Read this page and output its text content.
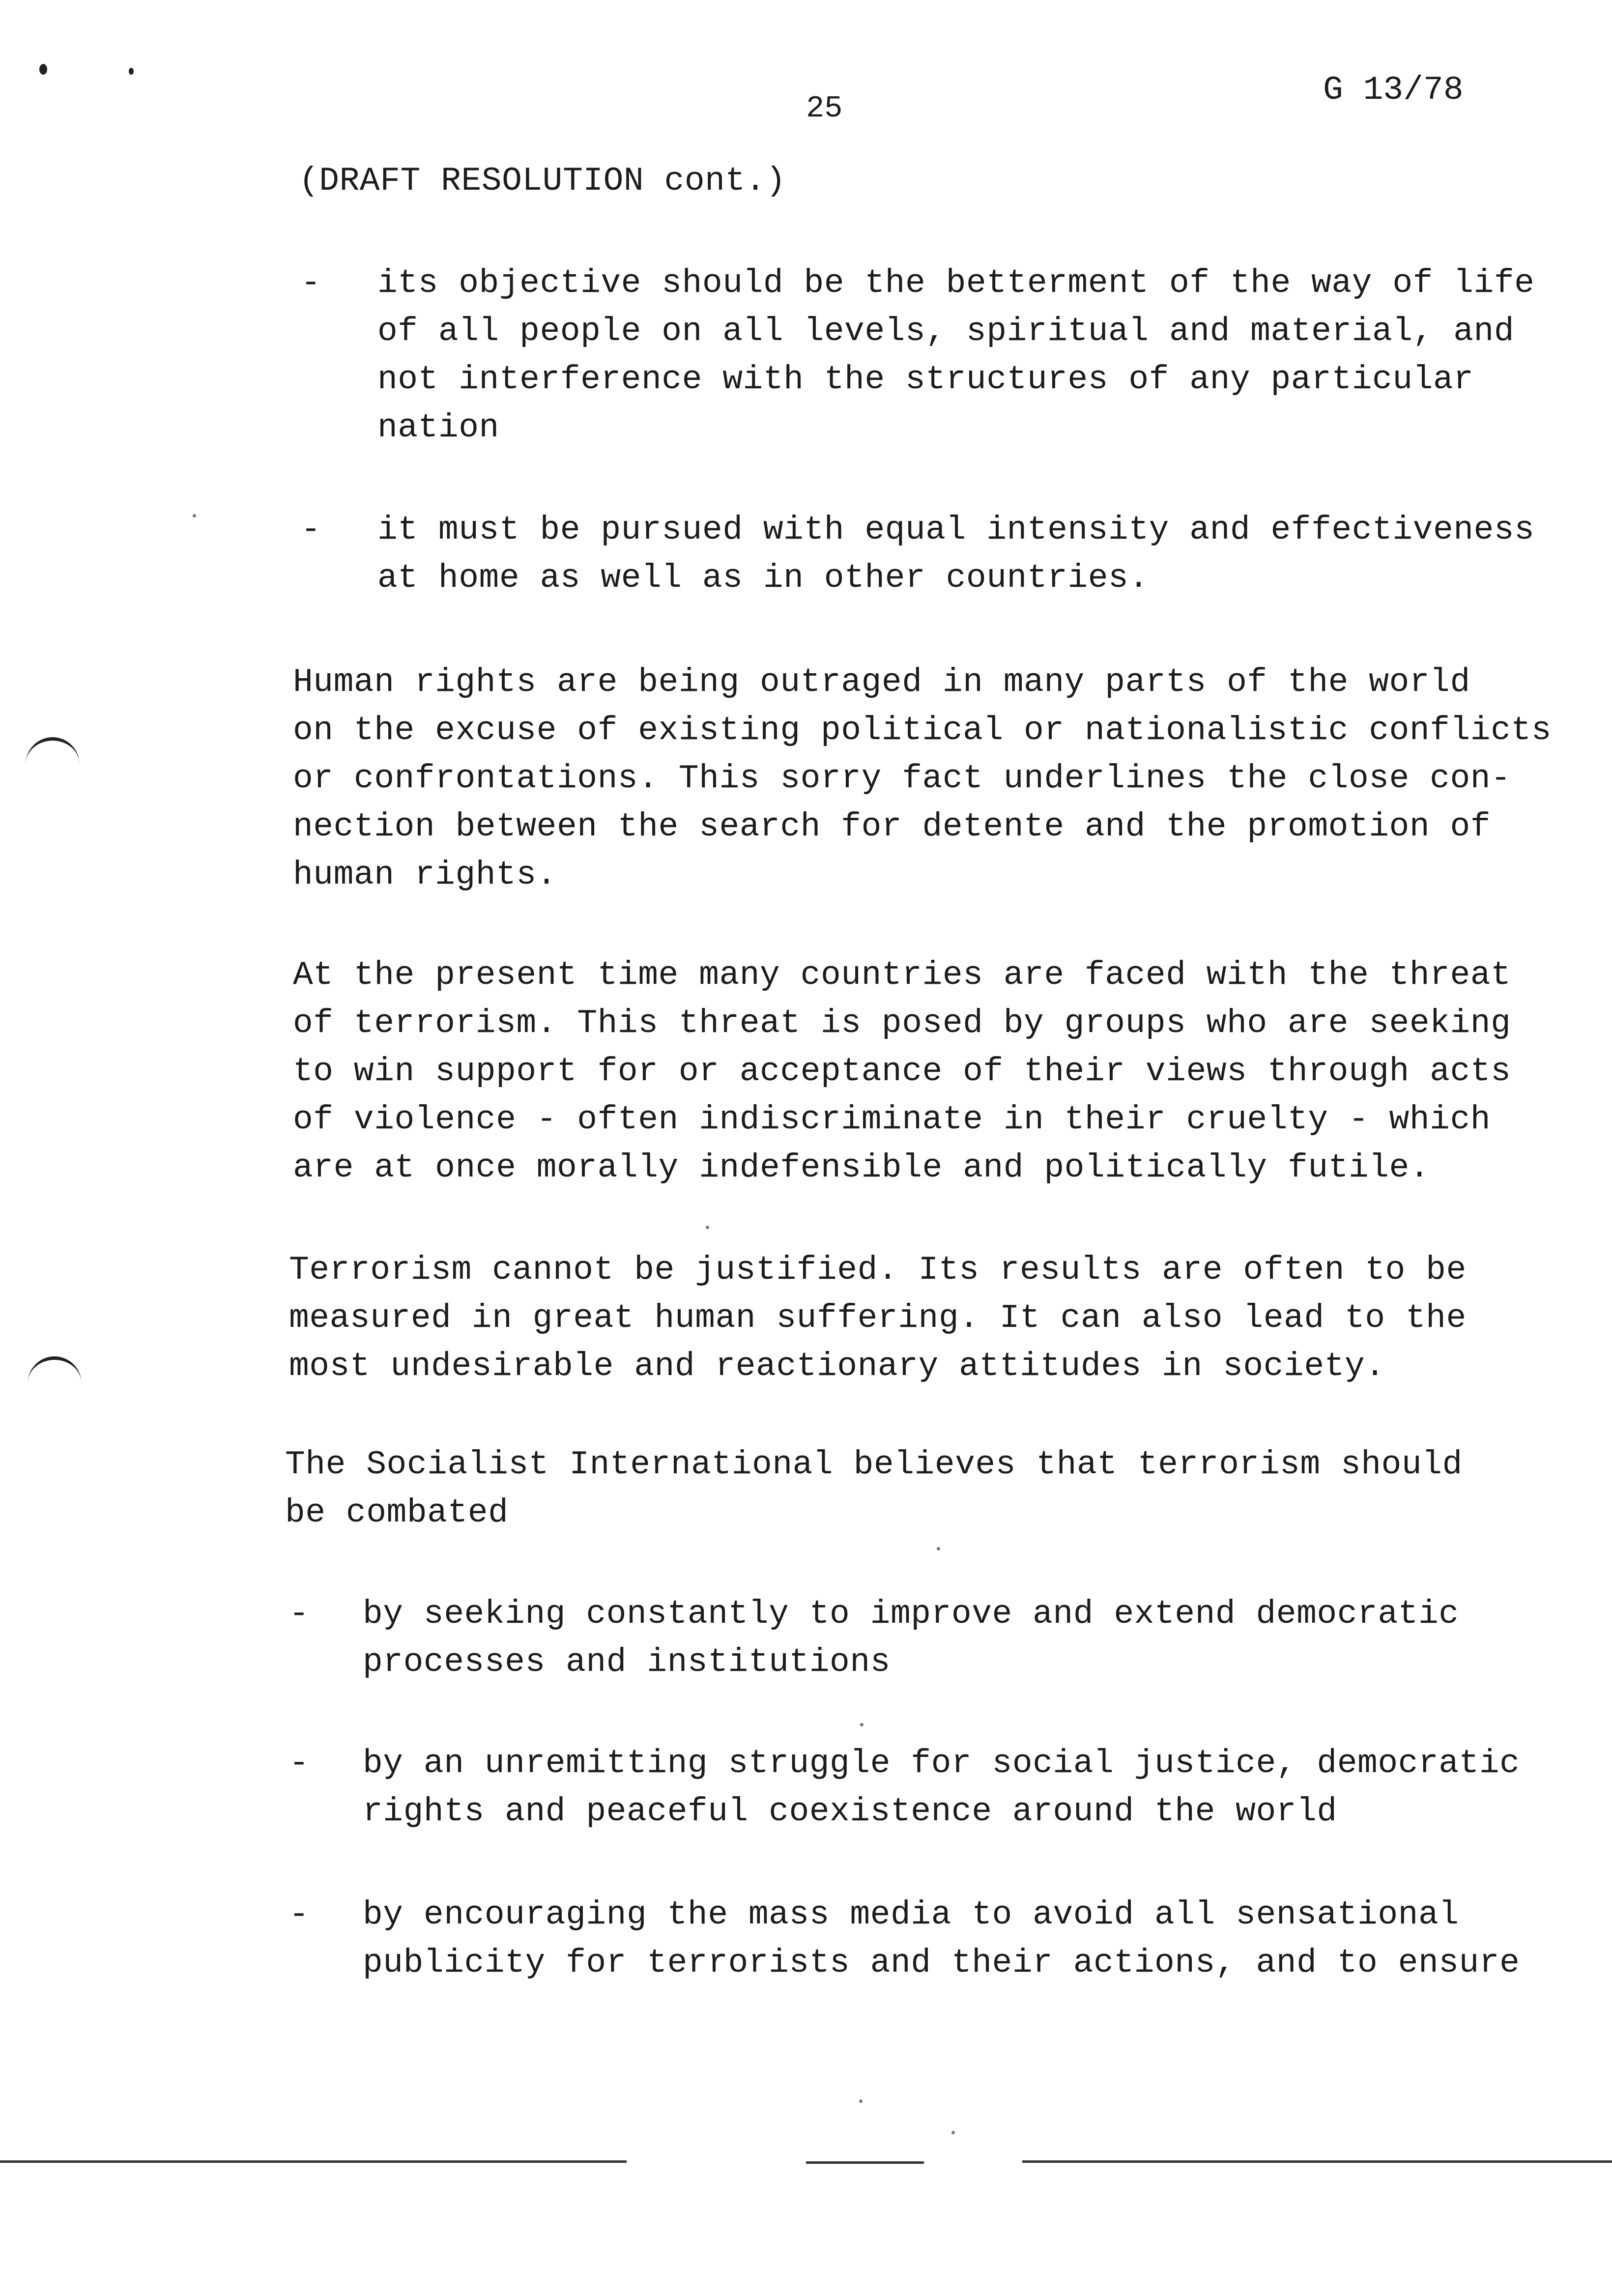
G 13/78
25
(DRAFT RESOLUTION cont.)
- its objective should be the betterment of the way of life
of all people on all levels, spiritual and material, and
not interference with the structures of any particular
nation
- it must be pursued with equal intensity and effectiveness
at home as well as in other countries.
Human rights are being outraged in many parts of the world
on the excuse of existing political or nationalistic conflicts
or confrontations. This sorry fact underlines the close con-
nection between the search for detente and the promotion of
human rights.
At the present time many countries are faced with the threat
of terrorism. This threat is posed by groups who are seeking
to win support for or acceptance of their views through acts
of violence - often indiscriminate in their cruelty - which
are at once morally indefensible and politically futile.
Terrorism cannot be justified. Its results are often to be
measured in great human suffering. It can also lead to the
most undesirable and reactionary attitudes in society.
The Socialist International believes that terrorism should
be combated
- by seeking constantly to improve and extend democratic
processes and institutions
- by an unremitting struggle for social justice, democratic
rights and peaceful coexistence around the world
- by encouraging the mass media to avoid all sensational
publicity for terrorists and their actions, and to ensure
